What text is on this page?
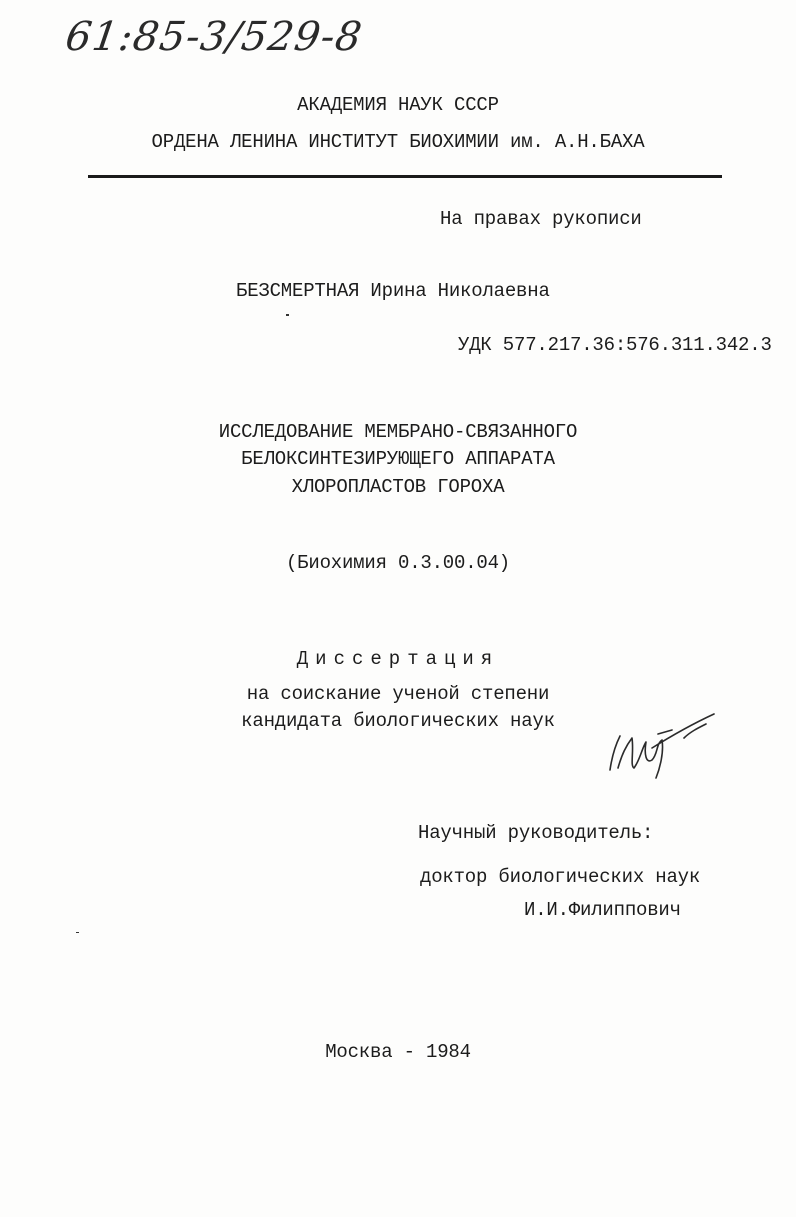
61:85-3/529-8
АКАДЕМИЯ НАУК СССР
ОРДЕНА ЛЕНИНА ИНСТИТУТ БИОХИМИИ им. А.Н.БАХА
На правах рукописи
БЕЗСМЕРТНАЯ Ирина Николаевна
УДК 577.217.36:576.311.342.3
ИССЛЕДОВАНИЕ МЕМБРАНО-СВЯЗАННОГО
БЕЛОКСИНТЕЗИРУЮЩЕГО АППАРАТА
ХЛОРОПЛАСТОВ ГОРОХА
(Биохимия 0.3.00.04)
Диссертация
на соискание ученой степени
кандидата биологических наук
Научный руководитель:
доктор биологических наук
И.И.Филиппович
Москва - 1984
